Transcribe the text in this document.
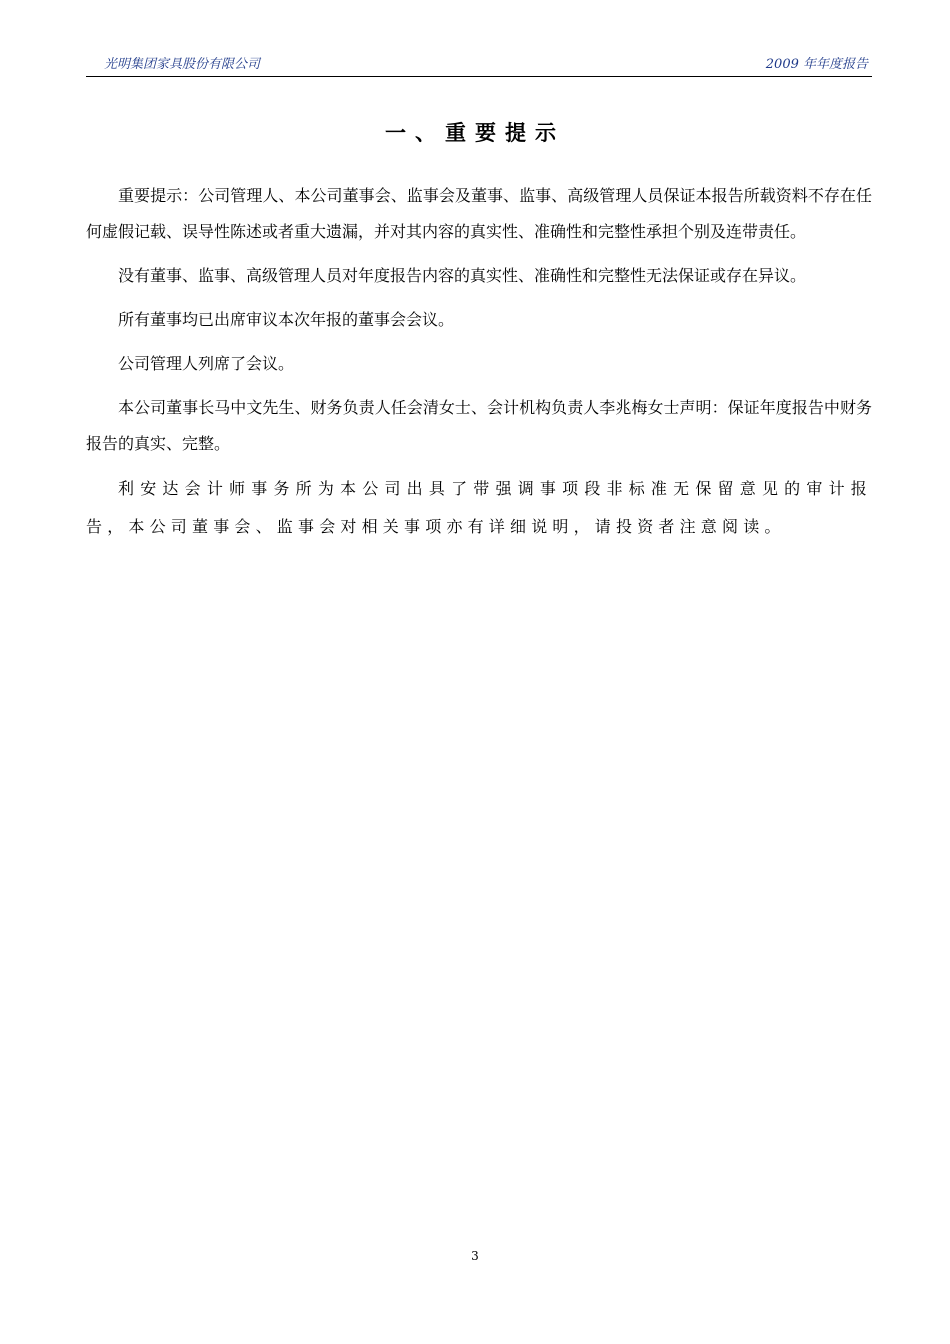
光明集团家具股份有限公司	2009 年年度报告
一、重要提示

重要提示：公司管理人、本公司董事会、监事会及董事、监事、高级管理人员保证本报告所载资料不存在任何虚假记载、误导性陈述或者重大遗漏，并对其内容的真实性、准确性和完整性承担个别及连带责任。

没有董事、监事、高级管理人员对年度报告内容的真实性、准确性和完整性无法保证或存在异议。

所有董事均已出席审议本次年报的董事会会议。

公司管理人列席了会议。

本公司董事长马中文先生、财务负责人任会清女士、会计机构负责人李兆梅女士声明：保证年度报告中财务报告的真实、完整。

利安达会计师事务所为本公司出具了带强调事项段非标准无保留意见的审计报告，本公司董事会、监事会对相关事项亦有详细说明，请投资者注意阅读。

3
